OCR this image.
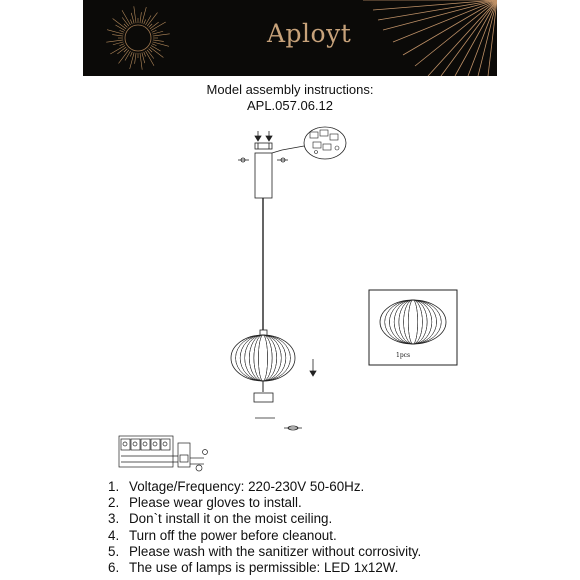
Aployt
Model assembly instructions:
APL.057.06.12
1pcs
1. Voltage/Frequency: 220-230V 50-60Hz.
2. Please wear gloves to install.
3. Don`t install it on the moist ceiling.
4. Turn off the power before cleanout.
5. Please wash with the sanitizer without corrosivity.
6. The use of lamps is permissible: LED 1x12W.
